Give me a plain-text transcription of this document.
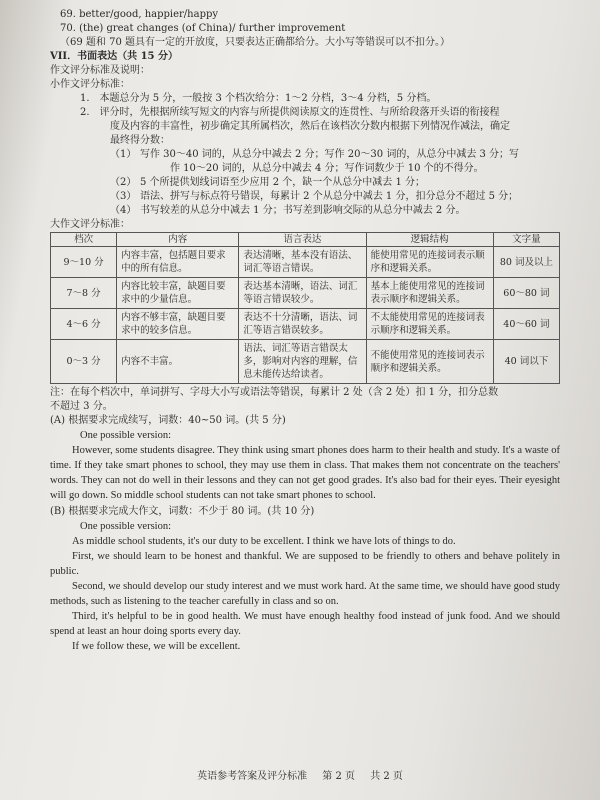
69. better/good, happier/happy
70. (the) great changes (of China)/ further improvement
（69 题和 70 题具有一定的开放度，只要表达正确都给分。大小写等错误可以不扣分。）
VII．书面表达（共 15 分）
作文评分标准及说明：
小作文评分标准：
1.　本题总分为 5 分，一般按 3 个档次给分：1～2 分档，3～4 分档，5 分档。
2.　评分时，先根据所续写短文的内容与所提供阅读原文的连贯性、与所给段落开头语的衔接程
度及内容的丰富性，初步确定其所属档次，然后在该档次分数内根据下列情况作减法，确定
最终得分数：
（1） 写作 30～40 词的，从总分中减去 2 分；写作 20～30 词的，从总分中减去 3 分；写
作 10～20 词的，从总分中减去 4 分；写作词数少于 10 个的不得分。
（2） 5 个所提供划线词语至少应用 2 个，缺一个从总分中减去 1 分；
（3） 语法、拼写与标点符号错误，每累计 2 个从总分中减去 1 分，扣分总分不超过 5 分；
（4） 书写较差的从总分中减去 1 分；书写差到影响交际的从总分中减去 2 分。
大作文评分标准：
档次	内容	语言表达	逻辑结构	文字量
9～10 分	内容丰富，包括题目要求中的所有信息。	表达清晰，基本没有语法、词汇等语言错误。	能使用常见的连接词表示顺序和逻辑关系。	80 词及以上
7～8 分	内容比较丰富，缺题目要求中的少量信息。	表达基本清晰，语法、词汇等语言错误较少。	基本上能使用常见的连接词表示顺序和逻辑关系。	60～80 词
4～6 分	内容不够丰富，缺题目要求中的较多信息。	表达不十分清晰，语法、词汇等语言错误较多。	不太能使用常见的连接词表示顺序和逻辑关系。	40～60 词
0～3 分	内容不丰富。	语法、词汇等语言错误太多，影响对内容的理解，信息未能传达给读者。	不能使用常见的连接词表示顺序和逻辑关系。	40 词以下
注：在每个档次中，单词拼写、字母大小写或语法等错误，每累计 2 处（含 2 处）扣 1 分，扣分总数
不超过 3 分。
(A) 根据要求完成续写，词数：40~50 词。(共 5 分)
One possible version:
However, some students disagree. They think using smart phones does harm to their health and study. It's a waste of time. If they take smart phones to school, they may use them in class. That makes them not concentrate on the teachers' words. They can not do well in their lessons and they can not get good grades. It's also bad for their eyes. Their eyesight will go down. So middle school students can not take smart phones to school.
(B) 根据要求完成大作文，词数：不少于 80 词。(共 10 分)
One possible version:
As middle school students, it's our duty to be excellent. I think we have lots of things to do.
First, we should learn to be honest and thankful. We are supposed to be friendly to others and behave politely in public.
Second, we should develop our study interest and we must work hard. At the same time, we should have good study methods, such as listening to the teacher carefully in class and so on.
Third, it's helpful to be in good health. We must have enough healthy food instead of junk food. And we should spend at least an hour doing sports every day.
If we follow these, we will be excellent.
英语参考答案及评分标准 第 2 页 共 2 页
